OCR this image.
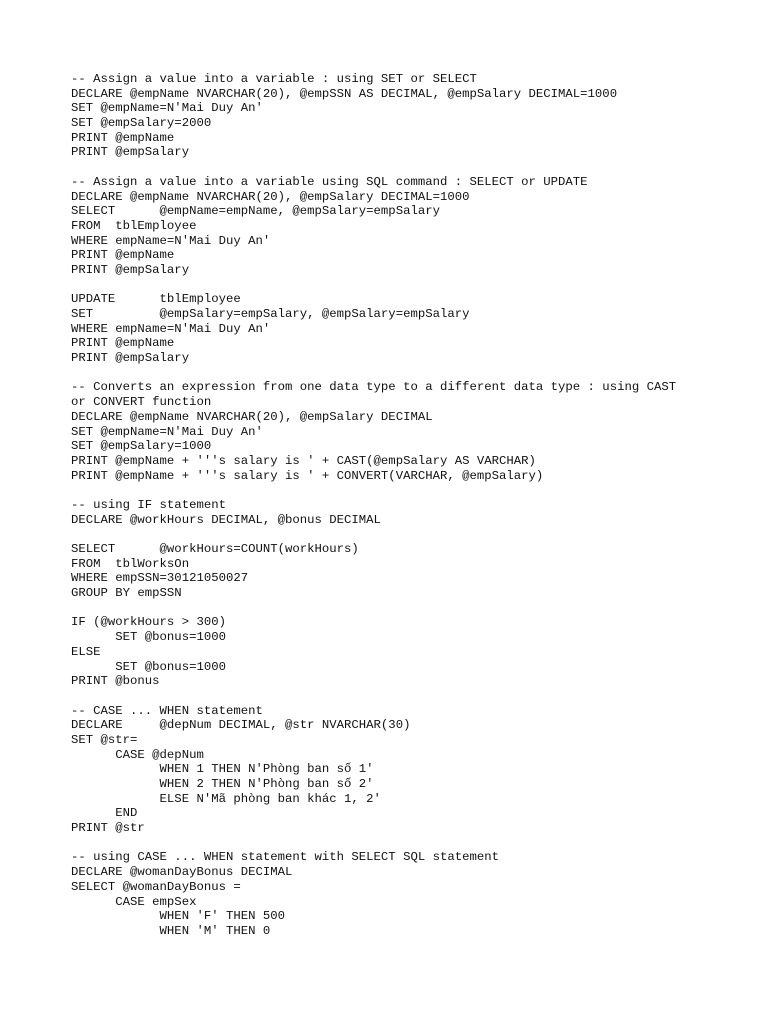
-- Assign a value into a variable : using SET or SELECT
DECLARE @empName NVARCHAR(20), @empSSN AS DECIMAL, @empSalary DECIMAL=1000
SET @empName=N'Mai Duy An'
SET @empSalary=2000
PRINT @empName
PRINT @empSalary
-- Assign a value into a variable using SQL command : SELECT or UPDATE
DECLARE @empName NVARCHAR(20), @empSalary DECIMAL=1000
SELECT      @empName=empName, @empSalary=empSalary
FROM  tblEmployee
WHERE empName=N'Mai Duy An'
PRINT @empName
PRINT @empSalary
UPDATE      tblEmployee
SET         @empSalary=empSalary, @empSalary=empSalary
WHERE empName=N'Mai Duy An'
PRINT @empName
PRINT @empSalary
-- Converts an expression from one data type to a different data type : using CAST
or CONVERT function
DECLARE @empName NVARCHAR(20), @empSalary DECIMAL
SET @empName=N'Mai Duy An'
SET @empSalary=1000
PRINT @empName + '''s salary is ' + CAST(@empSalary AS VARCHAR)
PRINT @empName + '''s salary is ' + CONVERT(VARCHAR, @empSalary)
-- using IF statement
DECLARE @workHours DECIMAL, @bonus DECIMAL
SELECT      @workHours=COUNT(workHours)
FROM  tblWorksOn
WHERE empSSN=30121050027
GROUP BY empSSN
IF (@workHours > 300)
SET @bonus=1000
ELSE
SET @bonus=1000
PRINT @bonus
-- CASE ... WHEN statement
DECLARE     @depNum DECIMAL, @str NVARCHAR(30)
SET @str=
CASE @depNum
WHEN 1 THEN N'Phòng ban số 1'
WHEN 2 THEN N'Phòng ban số 2'
ELSE N'Mã phòng ban khác 1, 2'
END
PRINT @str
-- using CASE ... WHEN statement with SELECT SQL statement
DECLARE @womanDayBonus DECIMAL
SELECT @womanDayBonus =
CASE empSex
WHEN 'F' THEN 500
WHEN 'M' THEN 0
